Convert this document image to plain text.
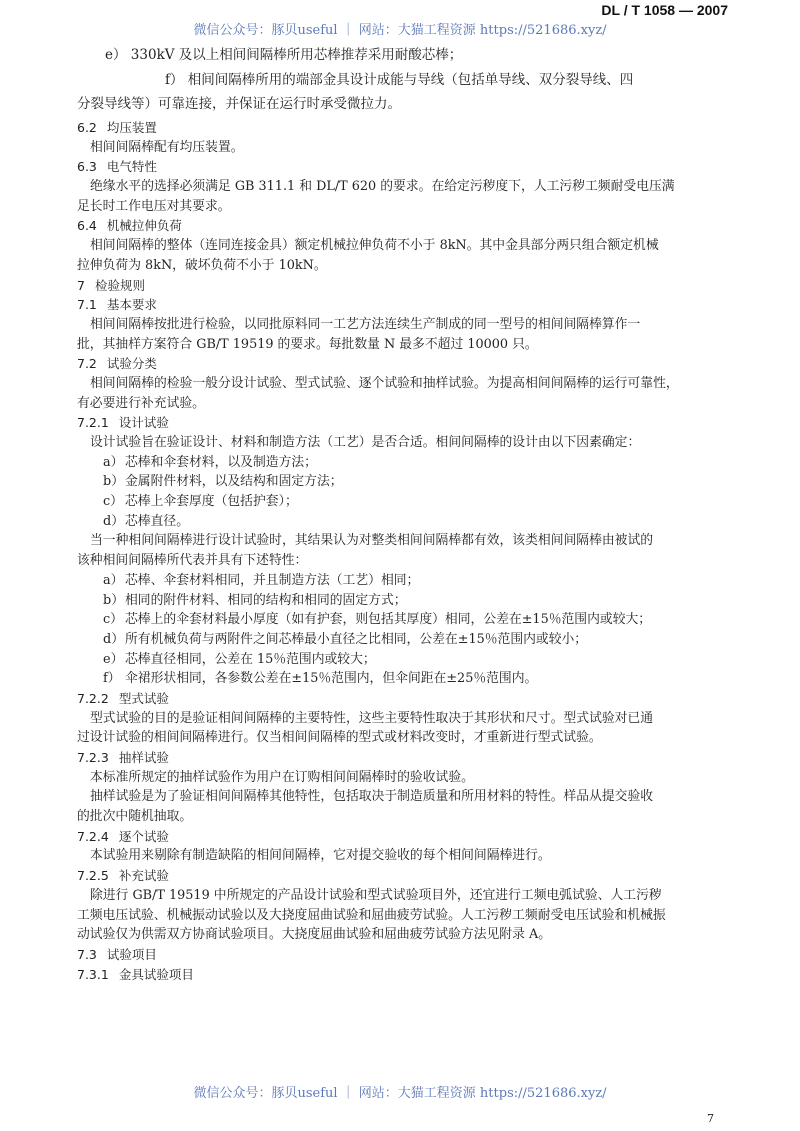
DL / T 1058 — 2007
微信公众号：豚贝useful ｜ 网站：大猫工程资源 https://521686.xyz/
e） 330kV 及以上相间间隔棒所用芯棒推荐采用耐酸芯棒；
f） 相间间隔棒所用的端部金具设计成能与导线（包括单导线、双分裂导线、四
分裂导线等）可靠连接，并保证在运行时承受微拉力。
6.2 均压装置
相间间隔棒配有均压装置。
6.3 电气特性
绝缘水平的选择必须满足 GB 311.1 和 DL/T 620 的要求。在给定污秽度下，人工污秽工频耐受电压满
足长时工作电压对其要求。
6.4 机械拉伸负荷
相间间隔棒的整体（连同连接金具）额定机械拉伸负荷不小于 8kN。其中金具部分两只组合额定机械
拉伸负荷为 8kN，破坏负荷不小于 10kN。
7 检验规则
7.1 基本要求
相间间隔棒按批进行检验，以同批原料同一工艺方法连续生产制成的同一型号的相间间隔棒算作一
批，其抽样方案符合 GB/T 19519 的要求。每批数量 N 最多不超过 10000 只。
7.2 试验分类
相间间隔棒的检验一般分设计试验、型式试验、逐个试验和抽样试验。为提高相间间隔棒的运行可靠性，
有必要进行补充试验。
7.2.1 设计试验
设计试验旨在验证设计、材料和制造方法（工艺）是否合适。相间间隔棒的设计由以下因素确定：
a） 芯棒和伞套材料，以及制造方法；
b）金属附件材料，以及结构和固定方法；
c） 芯棒上伞套厚度（包括护套）；
d）芯棒直径。
当一种相间间隔棒进行设计试验时，其结果认为对整类相间间隔棒都有效，该类相间间隔棒由被试的
该种相间间隔棒所代表并具有下述特性：
a） 芯棒、伞套材料相同，并且制造方法（工艺）相同；
b）相同的附件材料、相同的结构和相同的固定方式；
c） 芯棒上的伞套材料最小厚度（如有护套，则包括其厚度）相同，公差在±15％范围内或较大；
d）所有机械负荷与两附件之间芯棒最小直径之比相同，公差在±15％范围内或较小；
e） 芯棒直径相同，公差在 15％范围内或较大；
f） 伞裙形状相同，各参数公差在±15％范围内，但伞间距在±25％范围内。
7.2.2 型式试验
型式试验的目的是验证相间间隔棒的主要特性，这些主要特性取决于其形状和尺寸。型式试验对已通
过设计试验的相间间隔棒进行。仅当相间间隔棒的型式或材料改变时，才重新进行型式试验。
7.2.3 抽样试验
本标准所规定的抽样试验作为用户在订购相间间隔棒时的验收试验。
抽样试验是为了验证相间间隔棒其他特性，包括取决于制造质量和所用材料的特性。样品从提交验收
的批次中随机抽取。
7.2.4 逐个试验
本试验用来剔除有制造缺陷的相间间隔棒，它对提交验收的每个相间间隔棒进行。
7.2.5 补充试验
除进行 GB/T 19519 中所规定的产品设计试验和型式试验项目外，还宜进行工频电弧试验、人工污秽
工频电压试验、机械振动试验以及大挠度屈曲试验和屈曲疲劳试验。人工污秽工频耐受电压试验和机械振
动试验仅为供需双方协商试验项目。大挠度屈曲试验和屈曲疲劳试验方法见附录 A。
7.3 试验项目
7.3.1 金具试验项目
微信公众号：豚贝useful ｜ 网站：大猫工程资源 https://521686.xyz/
7
